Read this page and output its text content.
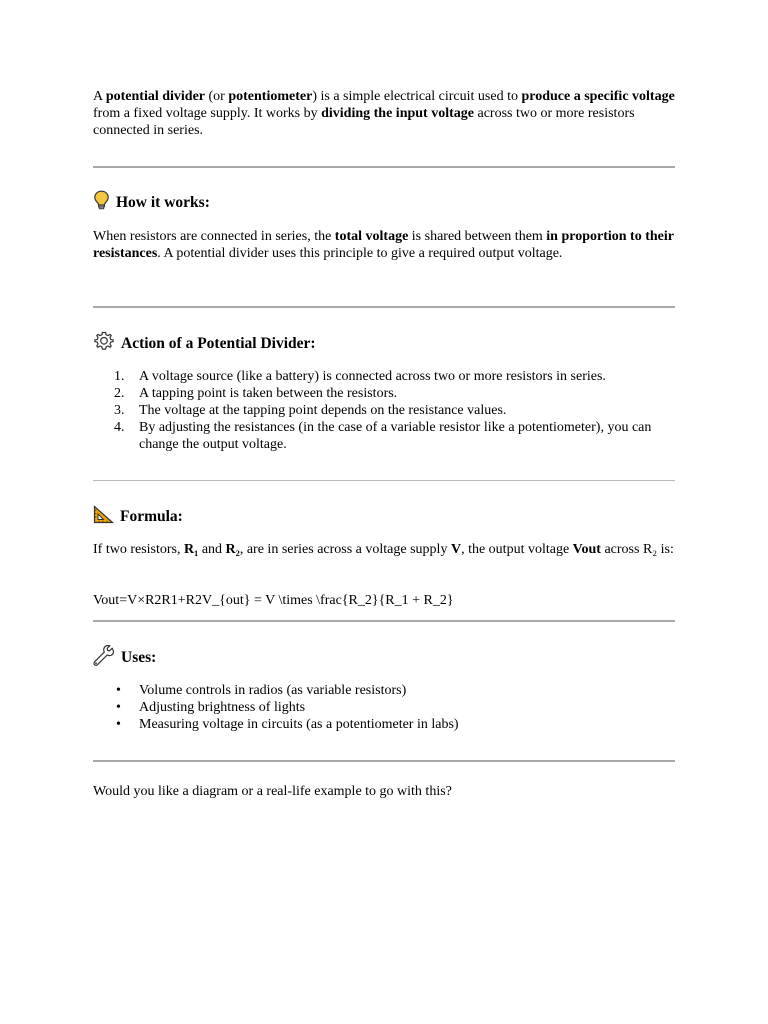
A potential divider (or potentiometer) is a simple electrical circuit used to produce a specific voltage from a fixed voltage supply. It works by dividing the input voltage across two or more resistors connected in series.

How it works:

When resistors are connected in series, the total voltage is shared between them in proportion to their resistances. A potential divider uses this principle to give a required output voltage.

Action of a Potential Divider:
1.	A voltage source (like a battery) is connected across two or more resistors in series.
2.	A tapping point is taken between the resistors.
3.	The voltage at the tapping point depends on the resistance values.
4.	By adjusting the resistances (in the case of a variable resistor like a potentiometer), you can change the output voltage.
Formula:

If two resistors, R₁ and R₂, are in series across a voltage supply V, the output voltage Vout across R₂ is:

Vout=V×R2R1+R2V_{out} = V \times \frac{R_2}{R_1 + R_2}

Uses:
• Volume controls in radios (as variable resistors)
• Adjusting brightness of lights
• Measuring voltage in circuits (as a potentiometer in labs)

Would you like a diagram or a real-life example to go with this?
